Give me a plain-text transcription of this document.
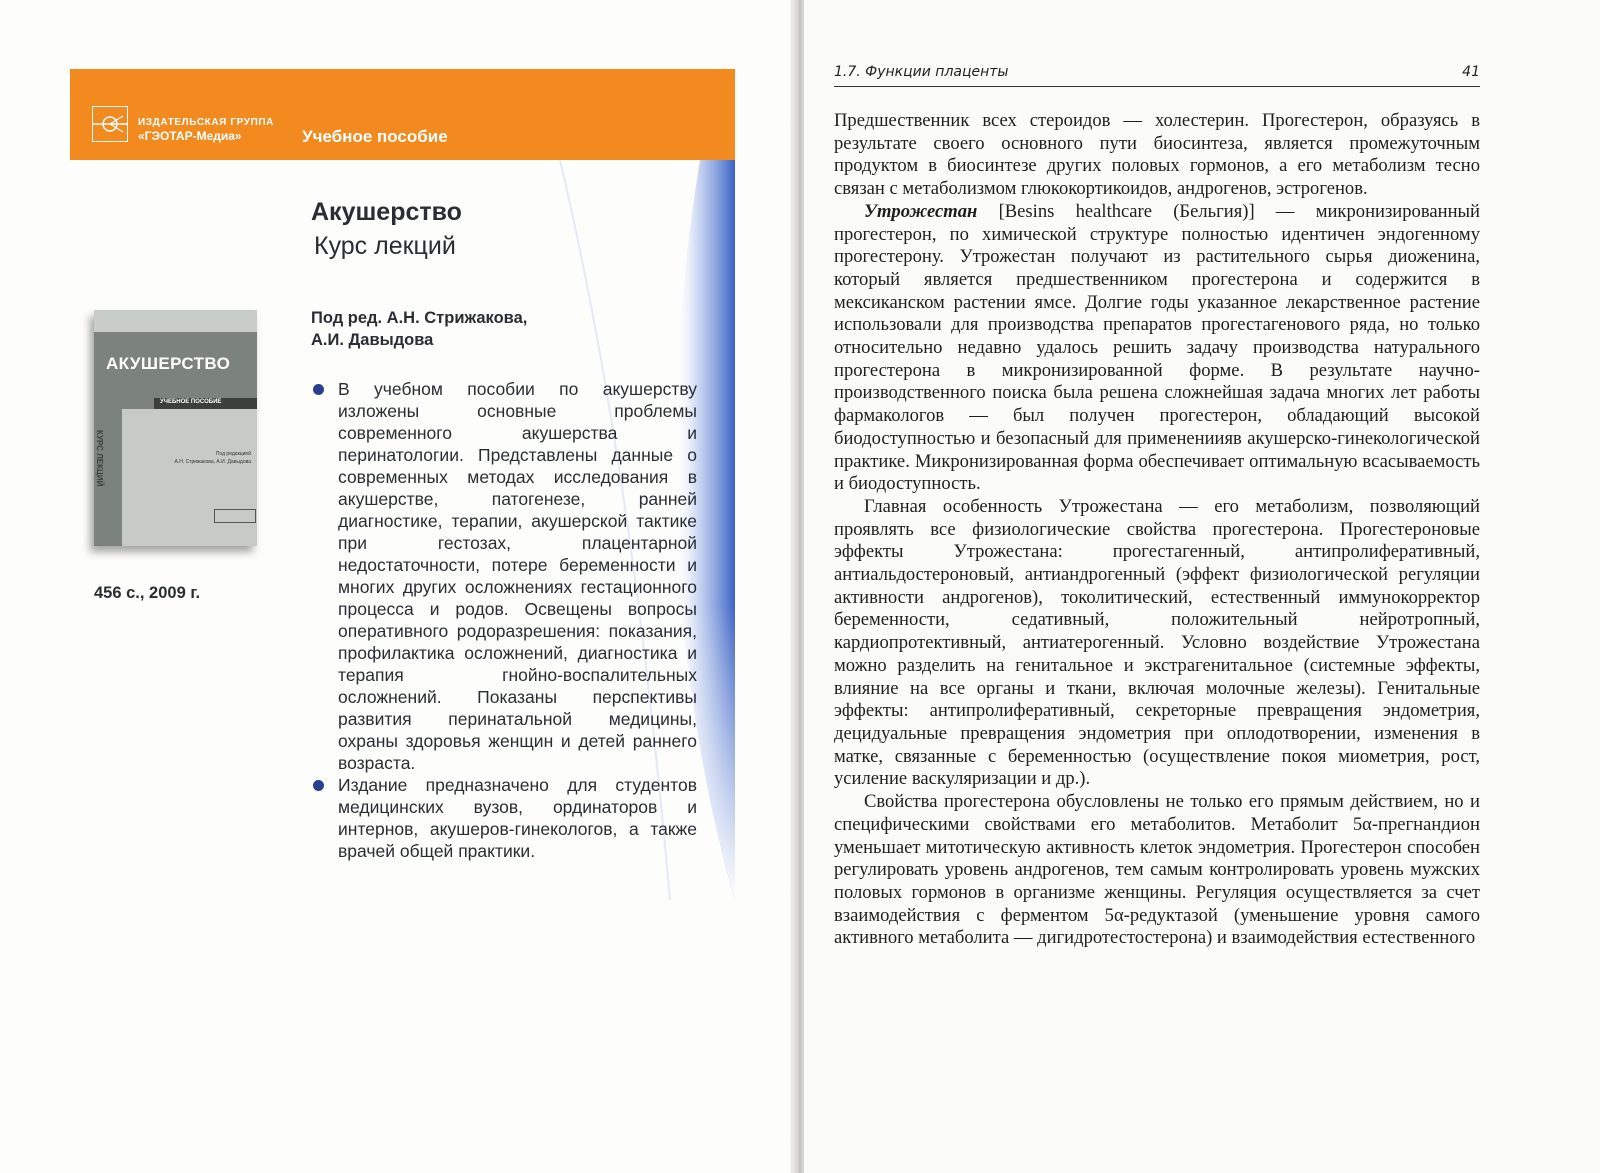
ИЗДАТЕЛЬСКАЯ ГРУППА
«ГЭОТАР-Медиа»	Учебное пособие
Акушерство
Курс лекций
Под ред. А.Н. Стрижакова,
А.И. Давыдова
В учебном пособии по акушерству изложены основные проблемы современного акушерства и перинатологии. Представлены данные о современных методах исследования в акушерстве, патогенезе, ранней диагностике, терапии, акушерской тактике при гестозах, плацентарной недостаточности, потере беременности и многих других осложнениях гестационного процесса и родов. Освещены вопросы оперативного родоразрешения: показания, профилактика осложнений, диагностика и терапия гнойно-воспалительных осложнений. Показаны перспективы развития перинатальной медицины, охраны здоровья женщин и детей раннего возраста.
Издание предназначено для студентов медицинских вузов, ординаторов и интернов, акушеров-гинекологов, а также врачей общей практики.
АКУШЕРСТВО
УЧЕБНОЕ ПОСОБИЕ
Под редакцией
А.Н. Стрижакова, А.И. Давыдова
КУРС ЛЕКЦИЙ
456 с., 2009 г.
1.7. Функции плаценты	41

Предшественник всех стероидов — холестерин. Прогестерон, образуясь в результате своего основного пути биосинтеза, является промежуточным продуктом в биосинтезе других половых гормонов, а его метаболизм тесно связан с метаболизмом глюкокортикоидов, андрогенов, эстрогенов.

Утрожестан [Besins healthcare (Бельгия)] — микронизированный прогестерон, по химической структуре полностью идентичен эндогенному прогестерону. Утрожестан получают из растительного сырья диоженина, который является предшественником прогестерона и содержится в мексиканском растении ямсе. Долгие годы указанное лекарственное растение использовали для производства препаратов прогестагенового ряда, но только относительно недавно удалось решить задачу производства натурального прогестерона в микронизированной форме. В результате научно-производственного поиска была решена сложнейшая задача многих лет работы фармакологов — был получен прогестерон, обладающий высокой биодоступностью и безопасный для применениияв акушерско-гинекологической практике. Микронизированная форма обеспечивает оптимальную всасываемость и биодоступность.

Главная особенность Утрожестана — его метаболизм, позволяющий проявлять все физиологические свойства прогестерона. Прогестероновые эффекты Утрожестана: прогестагенный, антипролиферативный, антиальдостероновый, антиандрогенный (эффект физиологической регуляции активности андрогенов), токолитический, естественный иммунокорректор беременности, седативный, положительный нейротропный, кардиопротективный, антиатерогенный. Условно воздействие Утрожестана можно разделить на генитальное и экстрагенитальное (системные эффекты, влияние на все органы и ткани, включая молочные железы). Генитальные эффекты: антипролиферативный, секреторные превращения эндометрия, децидуальные превращения эндометрия при оплодотворении, изменения в матке, связанные с беременностью (осуществление покоя миометрия, рост, усиление васкуляризации и др.).

Свойства прогестерона обусловлены не только его прямым действием, но и специфическими свойствами его метаболитов. Метаболит 5α-прегнандион уменьшает митотическую активность клеток эндометрия. Прогестерон способен регулировать уровень андрогенов, тем самым контролировать уровень мужских половых гормонов в организме женщины. Регуляция осуществляется за счет взаимодействия с ферментом 5α-редуктазой (уменьшение уровня самого активного метаболита — дигидротестостерона) и взаимодействия естественного
